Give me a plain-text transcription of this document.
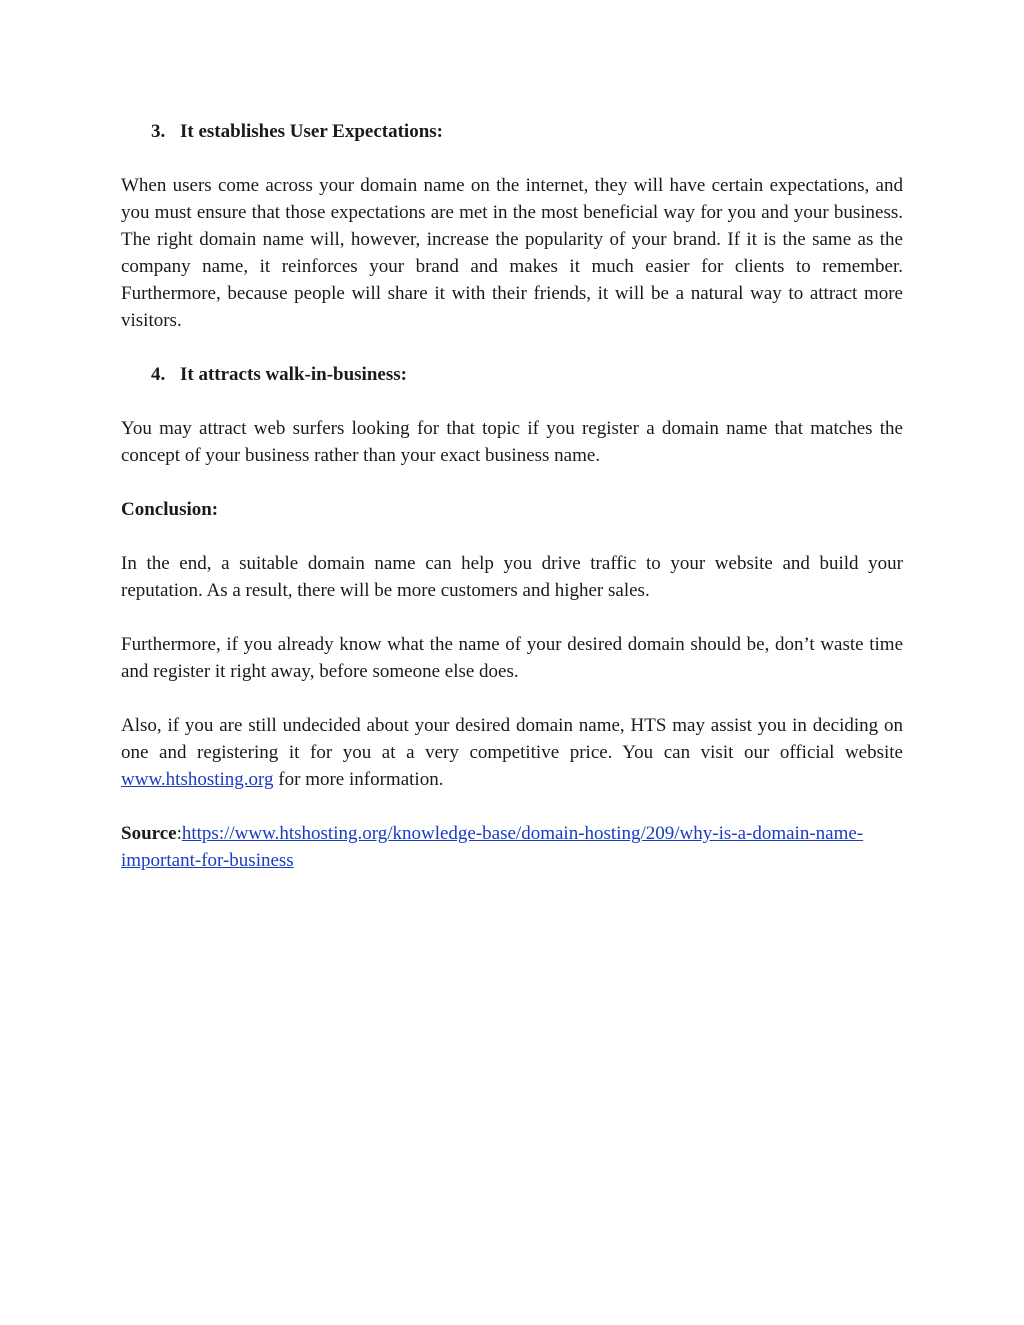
3. It establishes User Expectations:

When users come across your domain name on the internet, they will have certain expectations, and you must ensure that those expectations are met in the most beneficial way for you and your business. The right domain name will, however, increase the popularity of your brand. If it is the same as the company name, it reinforces your brand and makes it much easier for clients to remember. Furthermore, because people will share it with their friends, it will be a natural way to attract more visitors.

4. It attracts walk-in-business:

You may attract web surfers looking for that topic if you register a domain name that matches the concept of your business rather than your exact business name.

Conclusion:

In the end, a suitable domain name can help you drive traffic to your website and build your reputation. As a result, there will be more customers and higher sales.

Furthermore, if you already know what the name of your desired domain should be, don’t waste time and register it right away, before someone else does.

Also, if you are still undecided about your desired domain name, HTS may assist you in deciding on one and registering it for you at a very competitive price. You can visit our official website www.htshosting.org for more information.

Source:https://www.htshosting.org/knowledge-base/domain-hosting/209/why-is-a-domain-name-important-for-business
